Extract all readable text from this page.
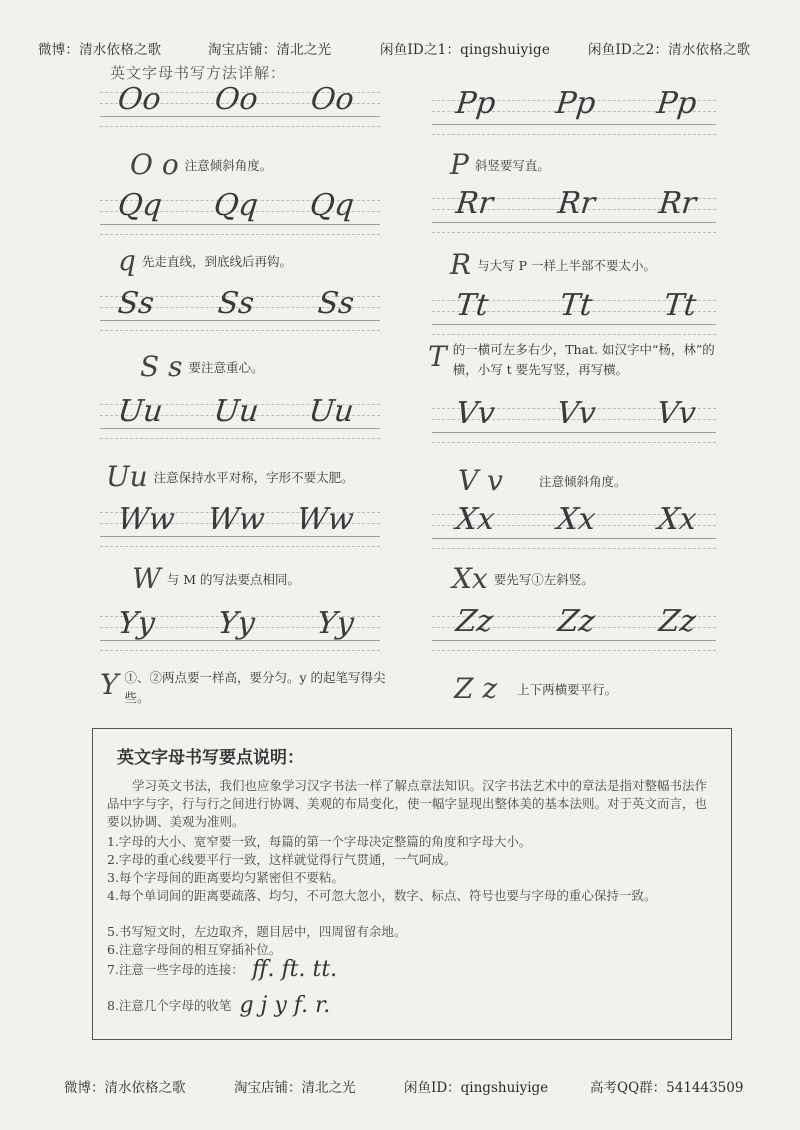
微博：清水依格之歌	淘宝店铺：清北之光	闲鱼ID之1：qingshuiyige	闲鱼ID之2：清水依格之歌
英文字母书写方法详解：
Oo Oo Oo
O o 注意倾斜角度。
Qq Qq Qq
q 先走直线，到底线后再钩。
Ss Ss Ss
S s 要注意重心。
Uu Uu Uu
Uu 注意保持水平对称，字形不要太肥。
Ww Ww Ww
W 与 M 的写法要点相同。
Yy Yy Yy
Y ①、②两点要一样高，要分匀。y 的起笔写得尖些。
Pp Pp Pp
P 斜竖要写直。
Rr Rr Rr
R 与大写 P 一样上半部不要太小。
Tt Tt Tt
T 的一横可左多右少，That. 如汉字中“杨，林”的横，小写 t 要先写竖，再写横。
Vv Vv Vv
V v	注意倾斜角度。
Xx Xx Xx
Xx 要先写①左斜竖。
Zz Zz Zz
Z z 上下两横要平行。
英文字母书写要点说明：

学习英文书法，我们也应象学习汉字书法一样了解点章法知识。汉字书法艺术中的章法是指对整幅书法作品中字与字，行与行之间进行协调、美观的布局变化，使一幅字显现出整体美的基本法则。对于英文而言，也要以协调、美观为准则。

1.字母的大小、宽窄要一致，每篇的第一个字母决定整篇的角度和字母大小。

2.字母的重心线要平行一致，这样就觉得行气贯通，一气呵成。

3.每个字母间的距离要均匀紧密但不要粘。

4.每个单词间的距离要疏落、均匀，不可忽大忽小，数字、标点、符号也要与字母的重心保持一致。

5.书写短文时，左边取齐，题目居中，四周留有余地。

6.注意字母间的相互穿插补位。

7.注意一些字母的连接： ff. ft. tt.

8.注意几个字母的收笔 g j y f. r.

微博：清水依格之歌	淘宝店铺：清北之光	闲鱼ID：qingshuiyige	高考QQ群：541443509
